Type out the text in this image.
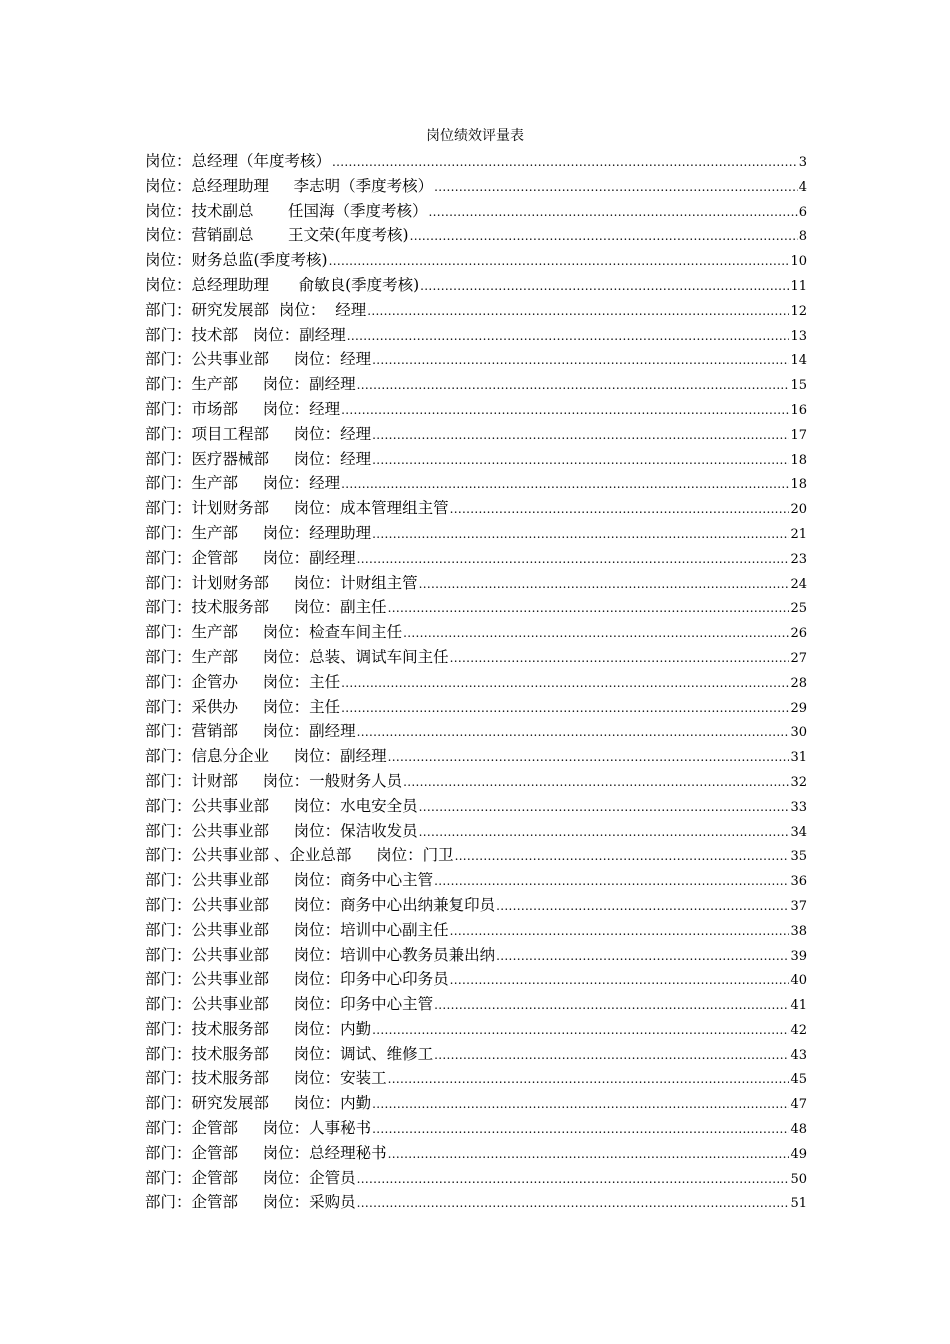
岗位绩效评量表
岗位：总经理（年度考核） .....	3
岗位：总经理助理     李志明（季度考核） .....	4
岗位：技术副总       任国海（季度考核） .....	6
岗位：营销副总       王文荣(年度考核) .....	8
岗位：财务总监(季度考核) .....	10
岗位：总经理助理      俞敏良(季度考核) .....	11
部门：研究发展部  岗位：  经理 .....	12
部门：技术部   岗位：副经理 .....	13
部门：公共事业部     岗位：经理 .....	14
部门：生产部     岗位：副经理 .....	15
部门：市场部     岗位：经理 .....	16
部门：项目工程部     岗位：经理 .....	17
部门：医疗器械部     岗位：经理 .....	18
部门：生产部     岗位：经理 .....	18
部门：计划财务部     岗位：成本管理组主管 .....	20
部门：生产部     岗位：经理助理 .....	21
部门：企管部     岗位：副经理 .....	23
部门：计划财务部     岗位：计财组主管 .....	24
部门：技术服务部     岗位：副主任 .....	25
部门：生产部     岗位：检查车间主任 .....	26
部门：生产部     岗位：总装、调试车间主任 .....	27
部门：企管办     岗位：主任 .....	28
部门：采供办     岗位：主任 .....	29
部门：营销部     岗位：副经理 .....	30
部门：信息分企业     岗位：副经理 .....	31
部门：计财部     岗位：一般财务人员 .....	32
部门：公共事业部     岗位：水电安全员 .....	33
部门：公共事业部     岗位：保洁收发员 .....	34
部门：公共事业部 、企业总部     岗位：门卫 .....	35
部门：公共事业部     岗位：商务中心主管 .....	36
部门：公共事业部     岗位：商务中心出纳兼复印员 .....	37
部门：公共事业部     岗位：培训中心副主任 .....	38
部门：公共事业部     岗位：培训中心教务员兼出纳 .....	39
部门：公共事业部     岗位：印务中心印务员 .....	40
部门：公共事业部     岗位：印务中心主管 .....	41
部门：技术服务部     岗位：内勤 .....	42
部门：技术服务部     岗位：调试、维修工 .....	43
部门：技术服务部     岗位：安装工 .....	45
部门：研究发展部     岗位：内勤 .....	47
部门：企管部     岗位：人事秘书 .....	48
部门：企管部     岗位：总经理秘书 .....	49
部门：企管部     岗位：企管员 .....	50
部门：企管部     岗位：采购员 .....	51
